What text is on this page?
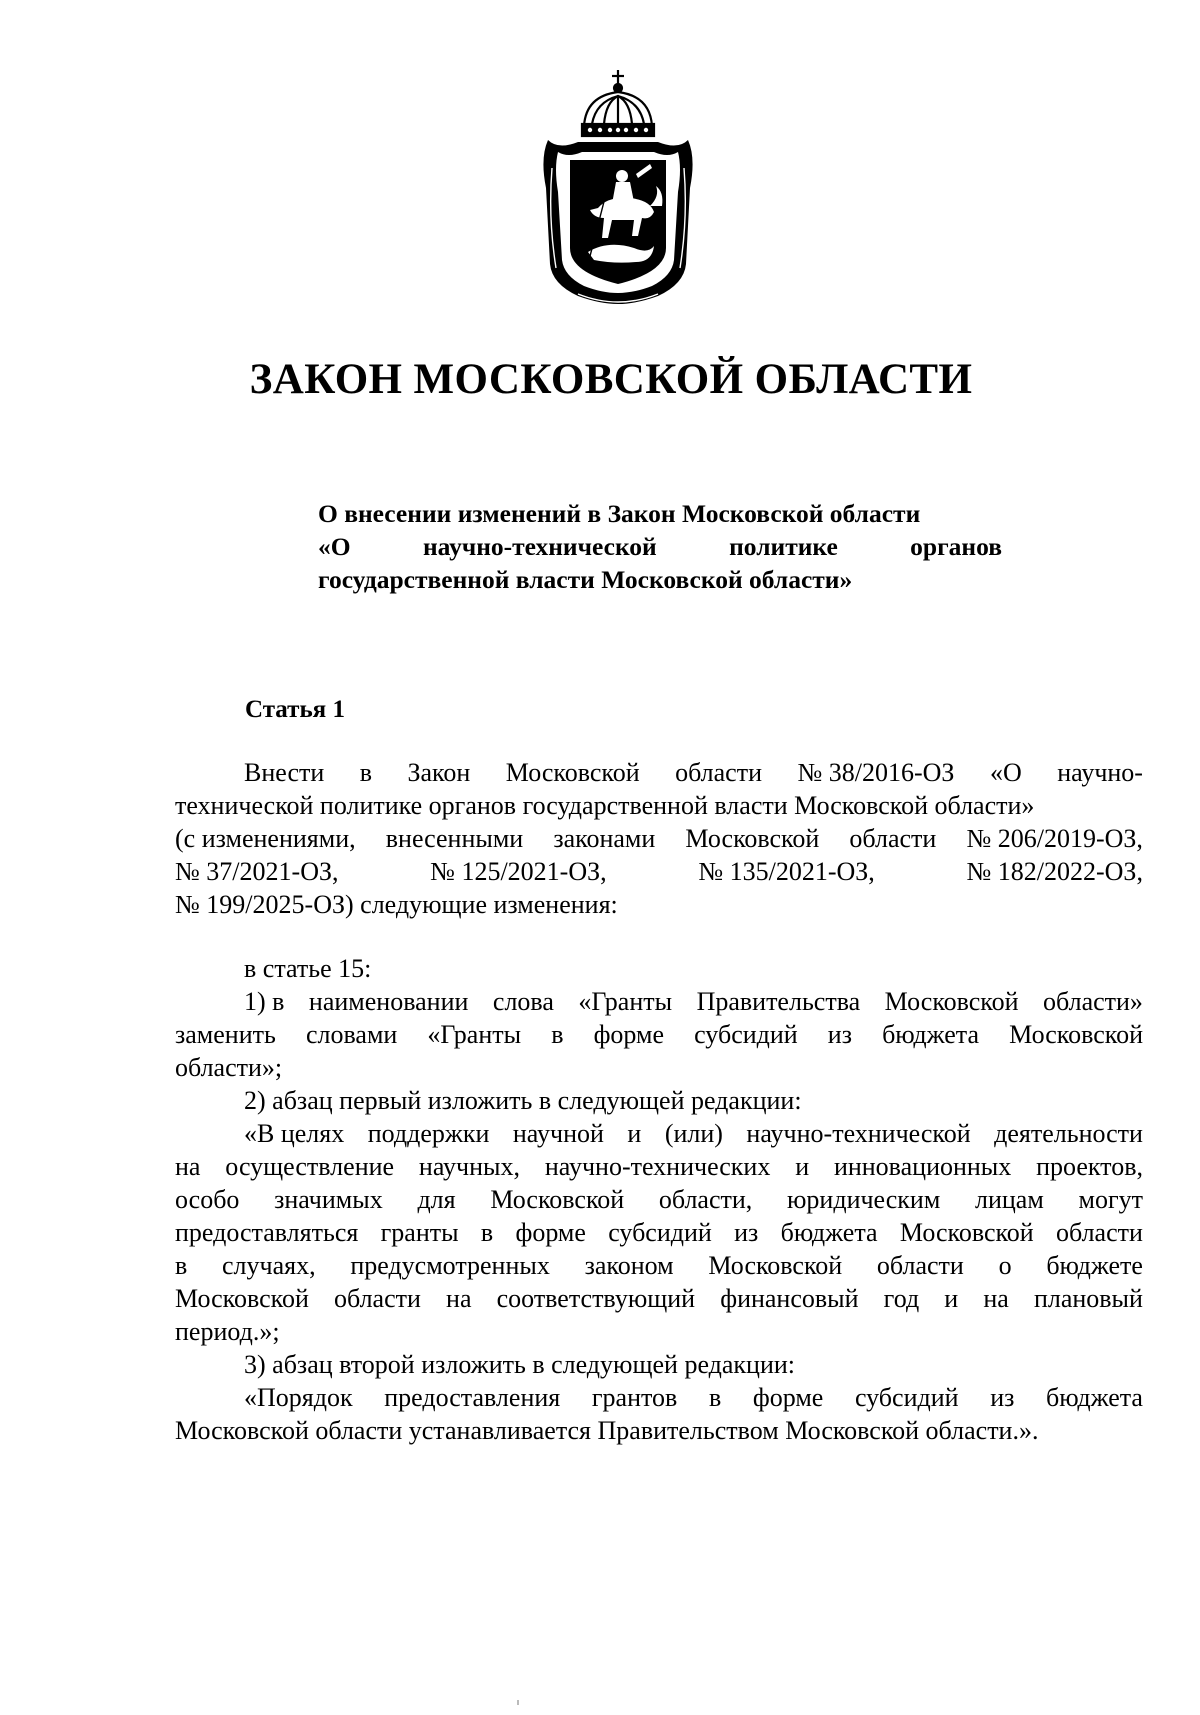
ЗАКОН МОСКОВСКОЙ ОБЛАСТИ
О внесении изменений в Закон Московской области
«О	научно-технической	политике	органов
государственной власти Московской области»
Статья 1
Внести в Закон Московской области № 38/2016-ОЗ «О научно-
технической политике органов государственной власти Московской области»
(с изменениями, внесенными законами Московской области № 206/2019-ОЗ,
№ 37/2021-ОЗ,	№ 125/2021-ОЗ,	№ 135/2021-ОЗ,	№ 182/2022-ОЗ,
№ 199/2025-ОЗ) следующие изменения:
в статье 15:
1) в наименовании слова «Гранты Правительства Московской области»
заменить словами «Гранты в форме субсидий из бюджета Московской
области»;
2) абзац первый изложить в следующей редакции:
«В целях поддержки научной и (или) научно-технической деятельности
на осуществление научных, научно-технических и инновационных проектов,
особо значимых для Московской области, юридическим лицам могут
предоставляться гранты в форме субсидий из бюджета Московской области
в случаях, предусмотренных законом Московской области о бюджете
Московской области на соответствующий финансовый год и на плановый
период.»;
3) абзац второй изложить в следующей редакции:
«Порядок предоставления грантов в форме субсидий из бюджета
Московской области устанавливается Правительством Московской области.».
